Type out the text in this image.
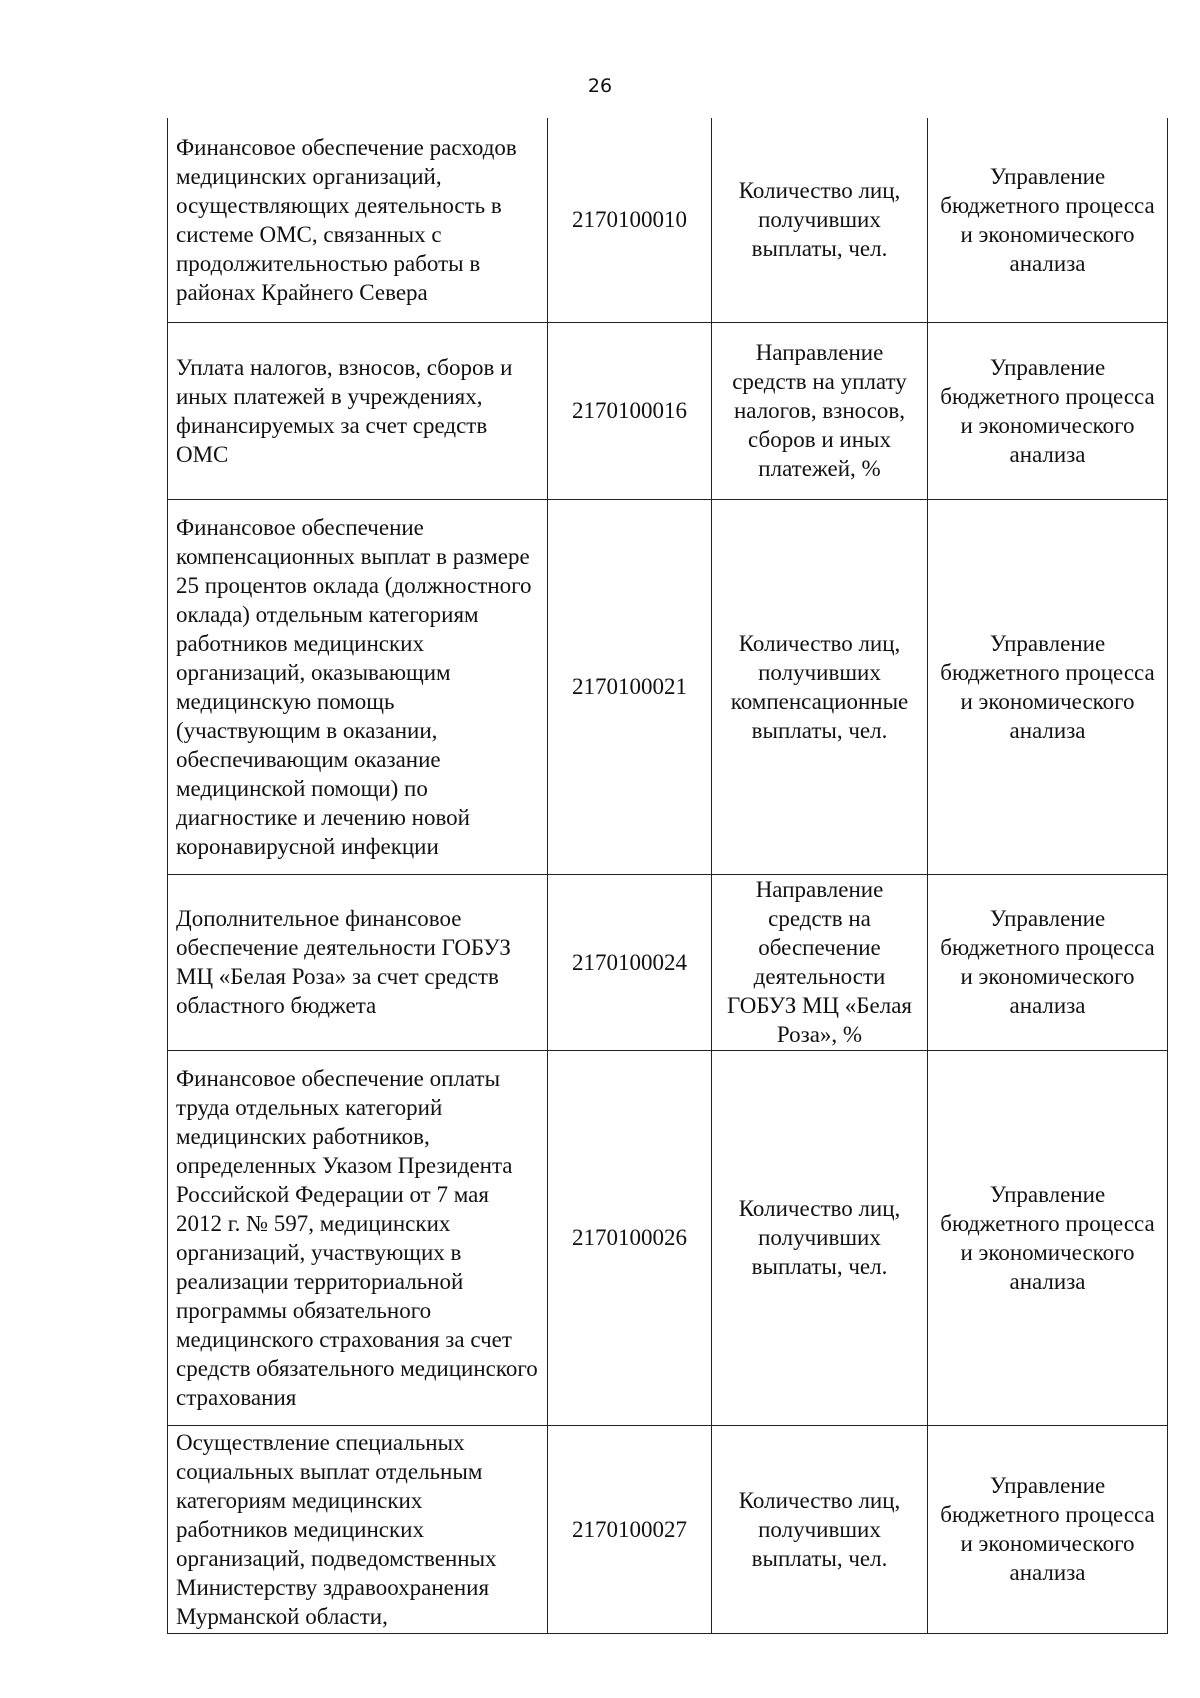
26
Финансовое обеспечение расходов медицинских организаций, осуществляющих деятельность в системе ОМС, связанных с продолжительностью работы в районах Крайнего Севера	2170100010	Количество лиц, получивших выплаты, чел.	Управление бюджетного процесса и экономического анализа
Уплата налогов, взносов, сборов и иных платежей в учреждениях, финансируемых за счет средств ОМС	2170100016	Направление средств на уплату налогов, взносов, сборов и иных платежей, %	Управление бюджетного процесса и экономического анализа
Финансовое обеспечение компенсационных выплат в размере 25 процентов оклада (должностного оклада) отдельным категориям работников медицинских организаций, оказывающим медицинскую помощь (участвующим в оказании, обеспечивающим оказание медицинской помощи) по диагностике и лечению новой коронавирусной инфекции	2170100021	Количество лиц, получивших компенсационные выплаты, чел.	Управление бюджетного процесса и экономического анализа
Дополнительное финансовое обеспечение деятельности ГОБУЗ МЦ «Белая Роза» за счет средств областного бюджета	2170100024	Направление средств на обеспечение деятельности ГОБУЗ МЦ «Белая Роза», %	Управление бюджетного процесса и экономического анализа
Финансовое обеспечение оплаты труда отдельных категорий медицинских работников, определенных Указом Президента Российской Федерации от 7 мая 2012 г. № 597, медицинских организаций, участвующих в реализации территориальной программы обязательного медицинского страхования за счет средств обязательного медицинского страхования	2170100026	Количество лиц, получивших выплаты, чел.	Управление бюджетного процесса и экономического анализа
Осуществление специальных социальных выплат отдельным категориям медицинских работников медицинских организаций, подведомственных Министерству здравоохранения Мурманской области,	2170100027	Количество лиц, получивших выплаты, чел.	Управление бюджетного процесса и экономического анализа
